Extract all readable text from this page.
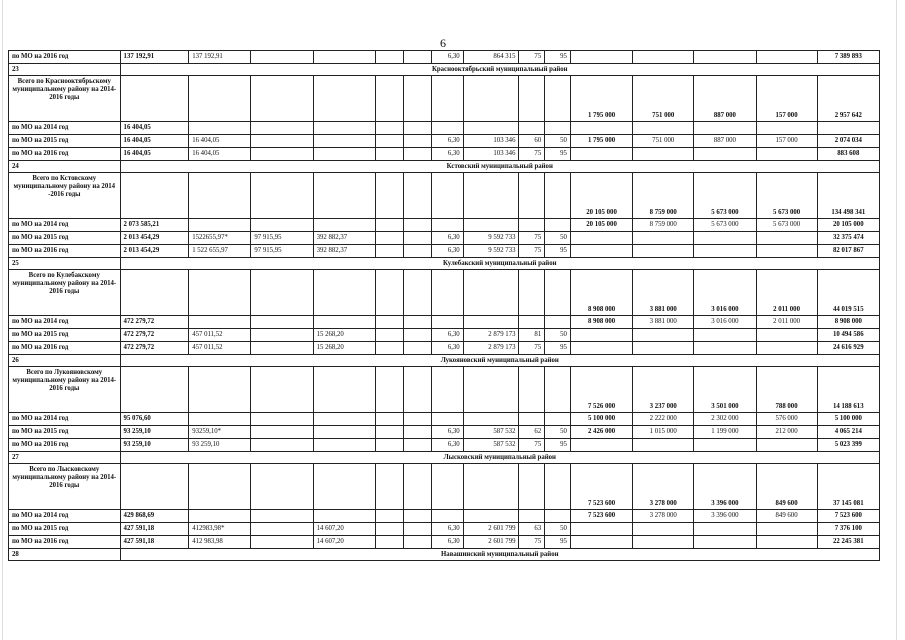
6
по МО на 2016 год	137 192,91	137 192,91					6,30	864 315	75	95					7 389 893
23	Краснооктябрьский муниципальный район														
Всего по Краснооктябрьскому муниципальному району на 2014-2016 годы											1 795 000	751 000	887 000	157 000	2 957 642
по МО на 2014 год	16 404,05														
по МО на 2015 год	16 404,05	16 404,05					6,30	103 346	60	50	1 795 000	751 000	887 000	157 000	2 074 034
по МО на 2016 год	16 404,05	16 404,05					6,30	103 346	75	95					883 608
24	Кстовский муниципальный район														
Всего по Кстовскому муниципальному району на 2014 -2016 годы											20 105 000	8 759 000	5 673 000	5 673 000	134 498 341
по МО на 2014 год	2 073 585,21										20 105 000	8 759 000	5 673 000	5 673 000	20 105 000
по МО на 2015 год	2 013 454,29	1522655,97*	97 915,95	392 882,37			6,30	9 592 733	75	50					32 375 474
по МО на 2016 год	2 013 454,29	1 522 655,97	97 915,95	392 882,37			6,30	9 592 733	75	95					82 017 867
25	Кулебакский муниципальный район														
Всего по Кулебакскому муниципальному району на 2014-2016 годы											8 908 000	3 881 000	3 016 000	2 011 000	44 019 515
по МО на 2014 год	472 279,72										8 908 000	3 881 000	3 016 000	2 011 000	8 908 000
по МО на 2015 год	472 279,72	457 011,52		15 268,20			6,30	2 879 173	81	50					10 494 586
по МО на 2016 год	472 279,72	457 011,52		15 268,20			6,30	2 879 173	75	95					24 616 929
26	Лукояновский муниципальный район														
Всего по Лукояновскому муниципальному району на 2014-2016 годы											7 526 000	3 237 000	3 501 000	788 000	14 188 613
по МО на 2014 год	95 076,60										5 100 000	2 222 000	2 302 000	576 000	5 100 000
по МО на 2015 год	93 259,10	93259,10*					6,30	587 532	62	50	2 426 000	1 015 000	1 199 000	212 000	4 065 214
по МО на 2016 год	93 259,10	93 259,10					6,30	587 532	75	95					5 023 399
27	Лысковский муниципальный район														
Всего по Лысковскому муниципальному району на 2014-2016 годы											7 523 600	3 278 000	3 396 000	849 600	37 145 081
по МО на 2014 год	429 868,69										7 523 600	3 278 000	3 396 000	849 600	7 523 600
по МО на 2015 год	427 591,18	412983,98*		14 607,20			6,30	2 601 799	63	50					7 376 100
по МО на 2016 год	427 591,18	412 983,98		14 607,20			6,30	2 601 799	75	95					22 245 381
28	Навашинский муниципальный район														
